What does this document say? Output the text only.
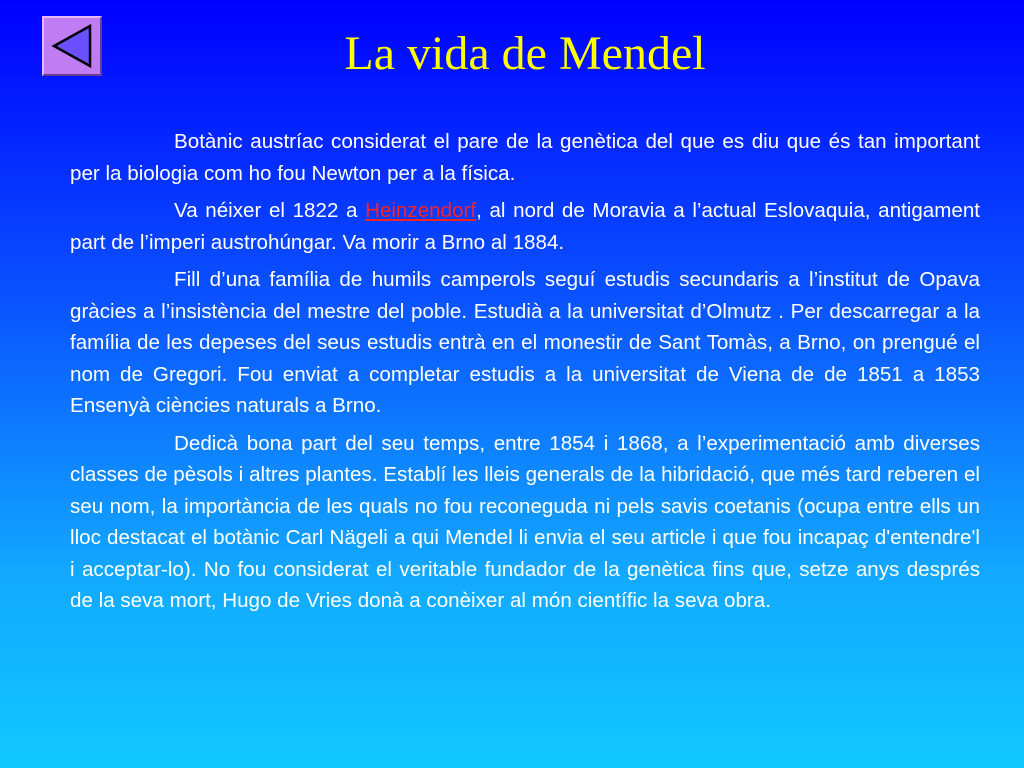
La vida de Mendel

Botànic austríac considerat el pare de la genètica del que es diu que és tan important per la biologia com ho fou Newton per a la física.

Va néixer el 1822 a Heinzendorf, al nord de Moravia a l’actual Eslovaquia, antigament part de l’imperi austrohúngar. Va morir a Brno al 1884.

Fill d’una família de humils camperols seguí estudis secundaris a l’institut de Opava gràcies a l’insistència del mestre del poble. Estudià a la universitat d’Olmutz . Per descarregar a la família de les depeses del seus estudis entrà en el monestir de Sant Tomàs, a Brno, on prengué el nom de Gregori. Fou enviat a completar estudis a la universitat de Viena de de 1851 a 1853 Ensenyà ciències naturals a Brno.

Dedicà bona part del seu temps, entre 1854 i 1868, a l’experimentació amb diverses classes de pèsols i altres plantes. Establí les lleis generals de la hibridació, que més tard reberen el seu nom, la importància de les quals no fou reconeguda ni pels savis coetanis (ocupa entre ells un lloc destacat el botànic Carl Nägeli a qui Mendel li envia el seu article i que fou incapaç d'entendre'l i acceptar-lo). No fou considerat el veritable fundador de la genètica fins que, setze anys després de la seva mort, Hugo de Vries donà a conèixer al món científic la seva obra.
